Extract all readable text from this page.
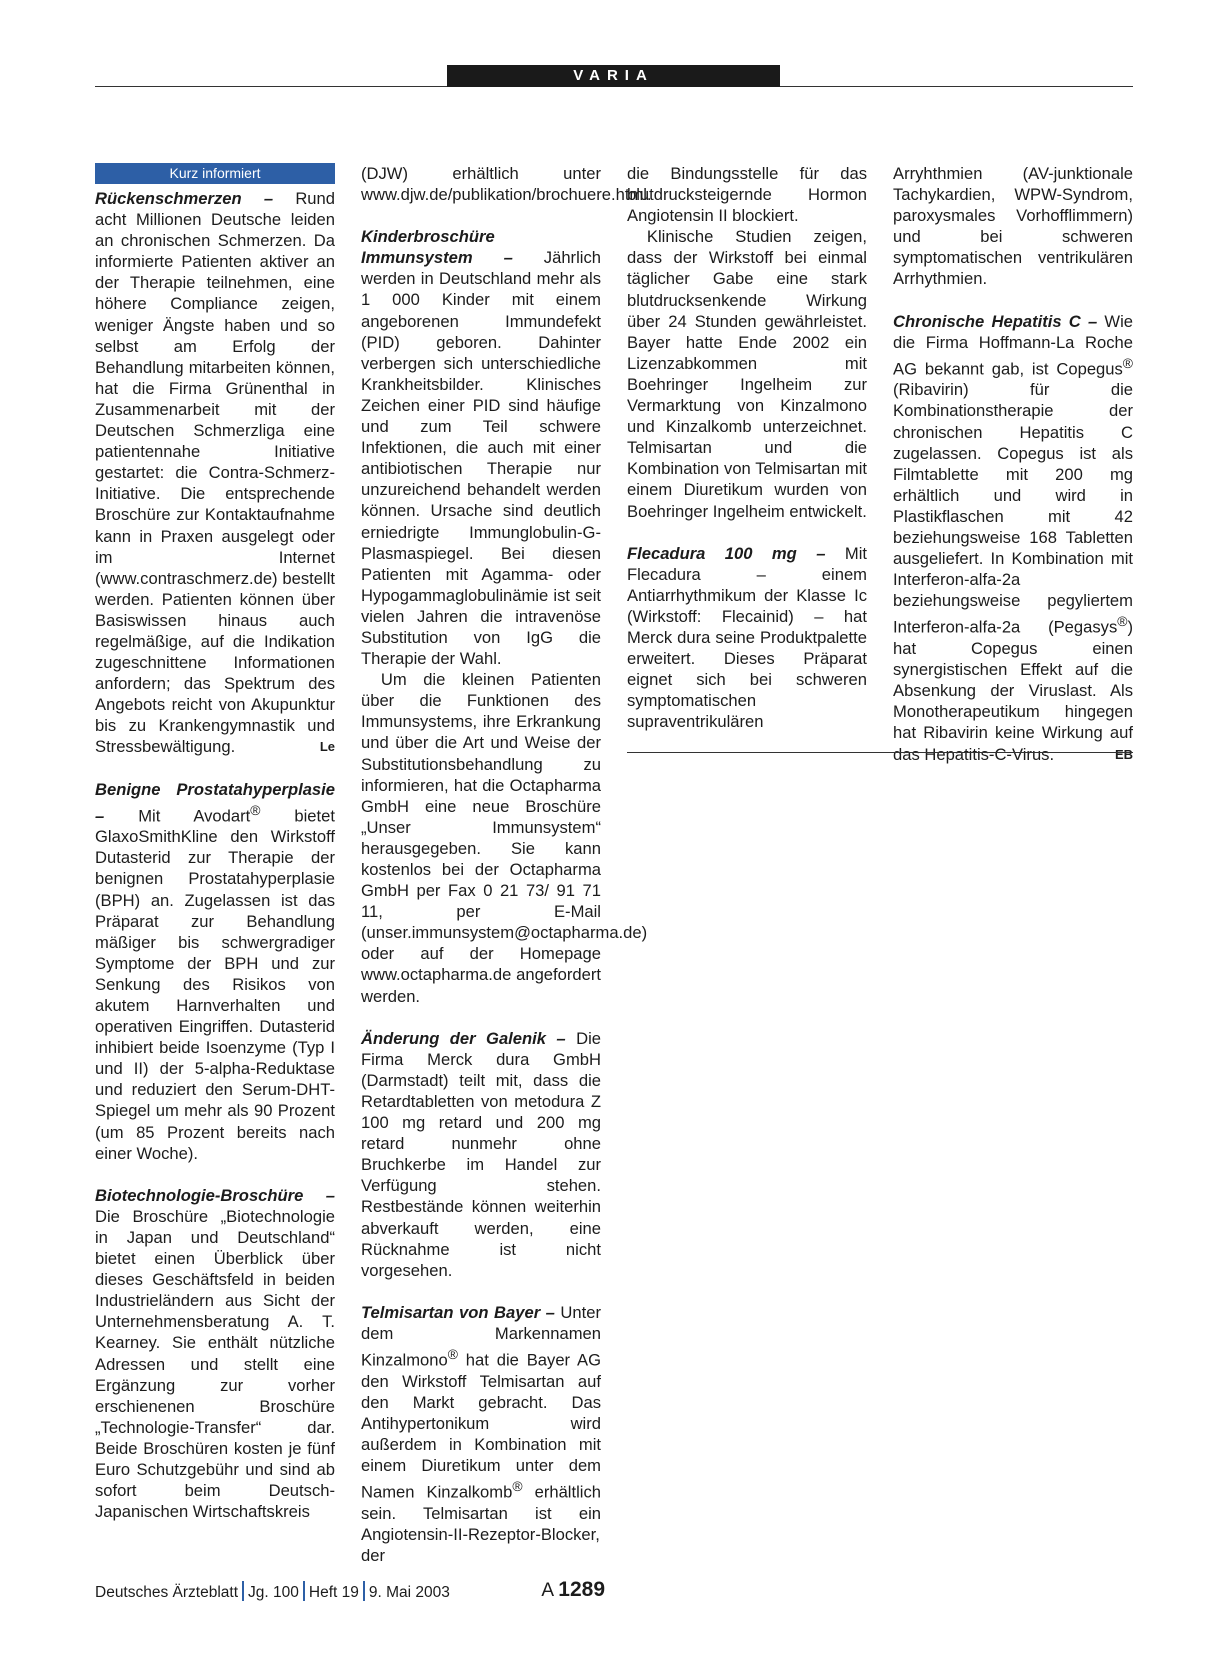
VARIA
Kurz informiert

Rückenschmerzen – Rund acht Millionen Deutsche leiden an chronischen Schmerzen. Da informierte Patienten aktiver an der Therapie teilnehmen, eine höhere Compliance zeigen, weniger Ängste haben und so selbst am Erfolg der Behandlung mitarbeiten können, hat die Firma Grünenthal in Zusammenarbeit mit der Deutschen Schmerzliga eine patientennahe Initiative gestartet: die Contra-Schmerz-Initiative. Die entsprechende Broschüre zur Kontaktaufnahme kann in Praxen ausgelegt oder im Internet (www.contraschmerz.de) bestellt werden. Patienten können über Basiswissen hinaus auch regelmäßige, auf die Indikation zugeschnittene Informationen anfordern; das Spektrum des Angebots reicht von Akupunktur bis zu Krankengymnastik und Stressbewältigung.	Le

Benigne Prostatahyperplasie – Mit Avodart® bietet GlaxoSmithKline den Wirkstoff Dutasterid zur Therapie der benignen Prostatahyperplasie (BPH) an. Zugelassen ist das Präparat zur Behandlung mäßiger bis schwergradiger Symptome der BPH und zur Senkung des Risikos von akutem Harnverhalten und operativen Eingriffen. Dutasterid inhibiert beide Isoenzyme (Typ I und II) der 5-alpha-Reduktase und reduziert den Serum-DHT-Spiegel um mehr als 90 Prozent (um 85 Prozent bereits nach einer Woche).

Biotechnologie-Broschüre – Die Broschüre „Biotechnologie in Japan und Deutschland“ bietet einen Überblick über dieses Geschäftsfeld in beiden Industrieländern aus Sicht der Unternehmensberatung A. T. Kearney. Sie enthält nützliche Adressen und stellt eine Ergänzung zur vorher erschienenen Broschüre „Technologie-Transfer“ dar. Beide Broschüren kosten je fünf Euro Schutzgebühr und sind ab sofort beim Deutsch-Japanischen Wirtschaftskreis

(DJW) erhältlich unter www.djw.de/publikation/brochuere.html.

Kinderbroschüre Immunsystem – Jährlich werden in Deutschland mehr als 1 000 Kinder mit einem angeborenen Immundefekt (PID) geboren. Dahinter verbergen sich unterschiedliche Krankheitsbilder. Klinisches Zeichen einer PID sind häufige und zum Teil schwere Infektionen, die auch mit einer antibiotischen Therapie nur unzureichend behandelt werden können. Ursache sind deutlich erniedrigte Immunglobulin-G-Plasmaspiegel. Bei diesen Patienten mit Agamma- oder Hypogammaglobulinämie ist seit vielen Jahren die intravenöse Substitution von IgG die Therapie der Wahl.

Um die kleinen Patienten über die Funktionen des Immunsystems, ihre Erkrankung und über die Art und Weise der Substitutionsbehandlung zu informieren, hat die Octapharma GmbH eine neue Broschüre „Unser Immunsystem“ herausgegeben. Sie kann kostenlos bei der Octapharma GmbH per Fax 0 21 73/ 91 71 11, per E-Mail (unser.immunsystem@octapharma.de) oder auf der Homepage www.octapharma.de angefordert werden.

Änderung der Galenik – Die Firma Merck dura GmbH (Darmstadt) teilt mit, dass die Retardtabletten von metodura Z 100 mg retard und 200 mg retard nunmehr ohne Bruchkerbe im Handel zur Verfügung stehen. Restbestände können weiterhin abverkauft werden, eine Rücknahme ist nicht vorgesehen.

Telmisartan von Bayer – Unter dem Markennamen Kinzalmono® hat die Bayer AG den Wirkstoff Telmisartan auf den Markt gebracht. Das Antihypertonikum wird außerdem in Kombination mit einem Diuretikum unter dem Namen Kinzalkomb® erhältlich sein. Telmisartan ist ein Angiotensin-II-Rezeptor-Blocker, der

die Bindungsstelle für das blutdrucksteigernde Hormon Angiotensin II blockiert.

Klinische Studien zeigen, dass der Wirkstoff bei einmal täglicher Gabe eine stark blutdrucksenkende Wirkung über 24 Stunden gewährleistet. Bayer hatte Ende 2002 ein Lizenzabkommen mit Boehringer Ingelheim zur Vermarktung von Kinzalmono und Kinzalkomb unterzeichnet. Telmisartan und die Kombination von Telmisartan mit einem Diuretikum wurden von Boehringer Ingelheim entwickelt.

Flecadura 100 mg – Mit Flecadura – einem Antiarrhythmikum der Klasse Ic (Wirkstoff: Flecainid) – hat Merck dura seine Produktpalette erweitert. Dieses Präparat eignet sich bei schweren symptomatischen supraventrikulären

Arryhthmien (AV-junktionale Tachykardien, WPW-Syndrom, paroxysmales Vorhofflimmern) und bei schweren symptomatischen ventrikulären Arrhythmien.

Chronische Hepatitis C – Wie die Firma Hoffmann-La Roche AG bekannt gab, ist Copegus® (Ribavirin) für die Kombinationstherapie der chronischen Hepatitis C zugelassen. Copegus ist als Filmtablette mit 200 mg erhältlich und wird in Plastikflaschen mit 42 beziehungsweise 168 Tabletten ausgeliefert. In Kombination mit Interferon-alfa-2a beziehungsweise pegyliertem Interferon-alfa-2a (Pegasys®) hat Copegus einen synergistischen Effekt auf die Absenkung der Viruslast. Als Monotherapeutikum hingegen hat Ribavirin keine Wirkung auf das Hepatitis-C-Virus.	EB

Deutsches Ärzteblatt Jg. 100 Heft 19 9. Mai 2003	A 1289
